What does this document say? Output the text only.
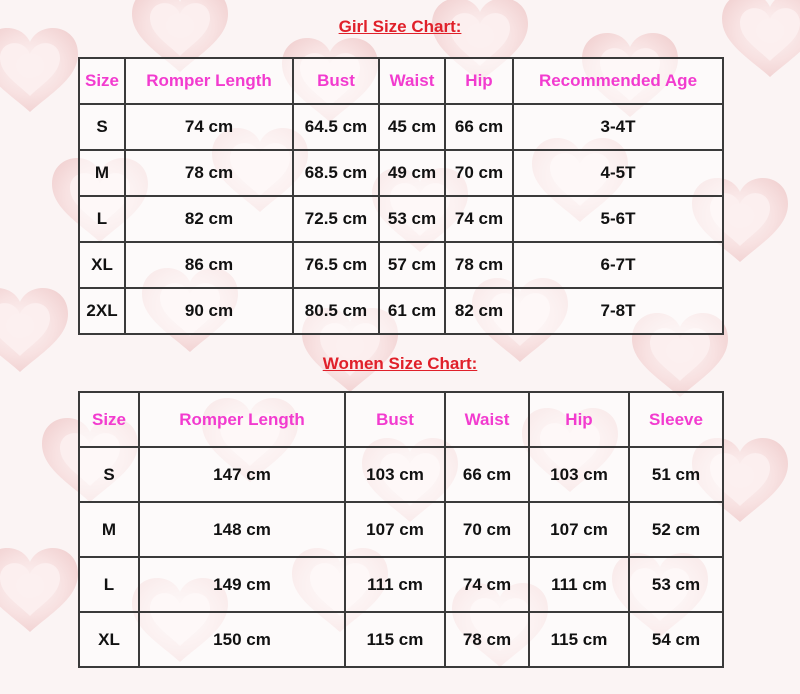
Girl Size Chart:
Size	Romper Length	Bust	Waist	Hip	Recommended Age
S	74 cm	64.5 cm	45 cm	66 cm	3-4T
M	78 cm	68.5 cm	49 cm	70 cm	4-5T
L	82 cm	72.5 cm	53 cm	74 cm	5-6T
XL	86 cm	76.5 cm	57 cm	78 cm	6-7T
2XL	90 cm	80.5 cm	61 cm	82 cm	7-8T
Women Size Chart:
Size	Romper Length	Bust	Waist	Hip	Sleeve
S	147 cm	103 cm	66 cm	103 cm	51 cm
M	148 cm	107 cm	70 cm	107 cm	52 cm
L	149 cm	111 cm	74 cm	111 cm	53 cm
XL	150 cm	115 cm	78 cm	115 cm	54 cm
